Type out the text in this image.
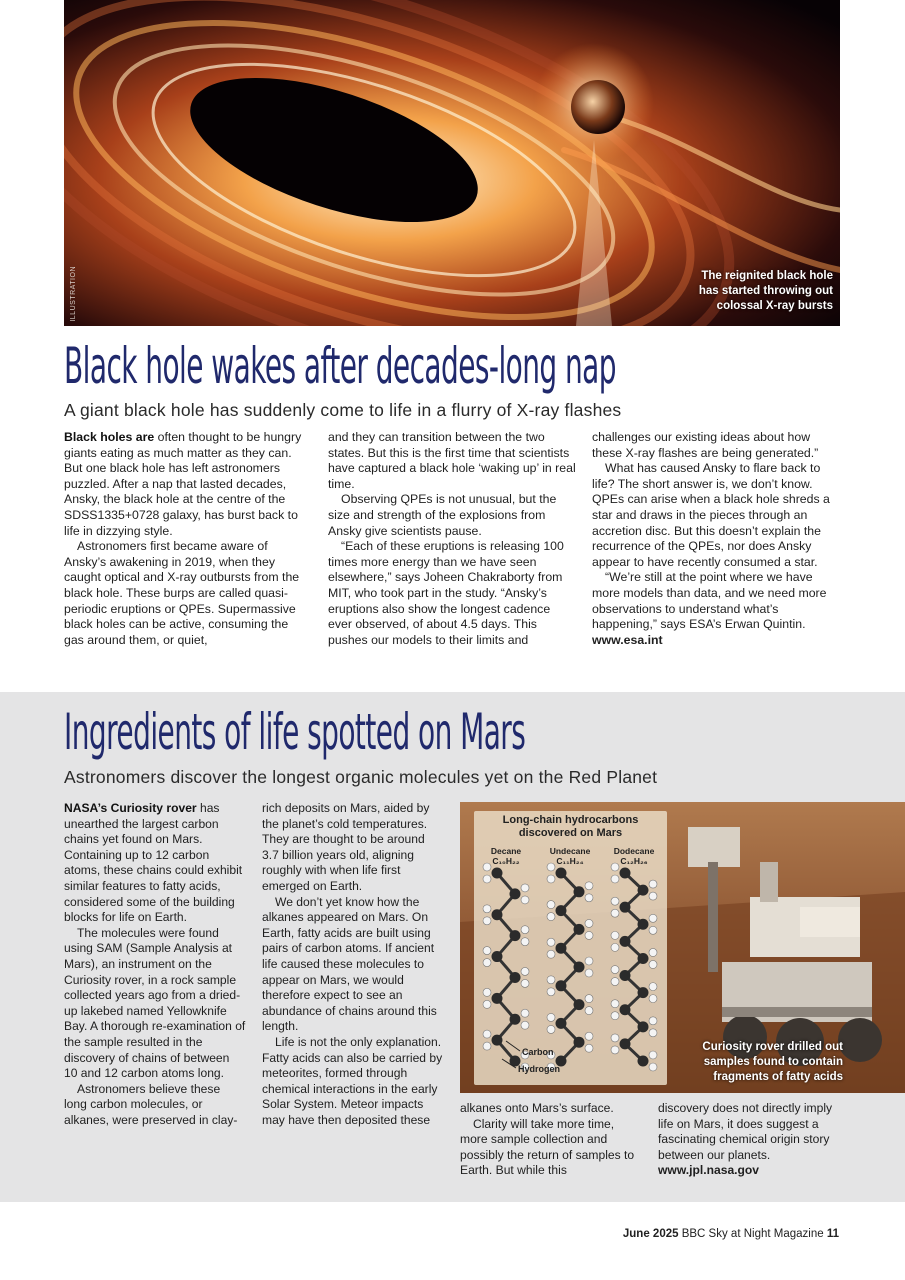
ILLUSTRATION	The reignited black hole
has started throwing out
colossal X-ray bursts
Black hole wakes after decades-long nap
A giant black hole has suddenly come to life in a flurry of X-ray flashes

Black holes are often thought to be hungry giants eating as much matter as they can. But one black hole has left astronomers puzzled. After a nap that lasted decades, Ansky, the black hole at the centre of the SDSS1335+0728 galaxy, has burst back to life in dizzying style.

Astronomers first became aware of Ansky’s awakening in 2019, when they caught optical and X-ray outbursts from the black hole. These burps are called quasi-periodic eruptions or QPEs. Supermassive black holes can be active, consuming the gas around them, or quiet,

and they can transition between the two states. But this is the first time that scientists have captured a black hole ‘waking up’ in real time.

Observing QPEs is not unusual, but the size and strength of the explosions from Ansky give scientists pause.

“Each of these eruptions is releasing 100 times more energy than we have seen elsewhere,” says Joheen Chakraborty from MIT, who took part in the study. “Ansky’s eruptions also show the longest cadence ever observed, of about 4.5 days. This pushes our models to their limits and

challenges our existing ideas about how these X-ray flashes are being generated.”

What has caused Ansky to flare back to life? The short answer is, we don’t know. QPEs can arise when a black hole shreds a star and draws in the pieces through an accretion disc. But this doesn’t explain the recurrence of the QPEs, nor does Ansky appear to have recently consumed a star.

“We’re still at the point where we have more models than data, and we need more observations to understand what’s happening,” says ESA’s Erwan Quintin.

www.esa.int

Ingredients of life spotted on Mars
Astronomers discover the longest organic molecules yet on the Red Planet

NASA’s Curiosity rover has unearthed the largest carbon chains yet found on Mars. Containing up to 12 carbon atoms, these chains could exhibit similar features to fatty acids, considered some of the building blocks for life on Earth.

The molecules were found using SAM (Sample Analysis at Mars), an instrument on the Curiosity rover, in a rock sample collected years ago from a dried-up lakebed named Yellowknife Bay. A thorough re-examination of the sample resulted in the discovery of chains of between 10 and 12 carbon atoms long.

Astronomers believe these long carbon molecules, or alkanes, were preserved in clay-

rich deposits on Mars, aided by the planet’s cold temperatures. They are thought to be around 3.7 billion years old, aligning roughly with when life first emerged on Earth.

We don’t yet know how the alkanes appeared on Mars. On Earth, fatty acids are built using pairs of carbon atoms. If ancient life caused these molecules to appear on Mars, we would therefore expect to see an abundance of chains around this length.

Life is not the only explanation. Fatty acids can also be carried by meteorites, formed through chemical interactions in the early Solar System. Meteor impacts may have then deposited these

Long-chain hydrocarbons
discovered on Mars
Decane
C₁₀H₂₂
Undecane
C₁₁H₂₄
Dodecane
C₁₂H₂₆
Carbon
Hydrogen
Curiosity rover drilled out
samples found to contain
fragments of fatty acids

alkanes onto Mars’s surface.

Clarity will take more time, more sample collection and possibly the return of samples to Earth. But while this

discovery does not directly imply life on Mars, it does suggest a fascinating chemical origin story between our planets. www.jpl.nasa.gov

June 2025 BBC Sky at Night Magazine 11
